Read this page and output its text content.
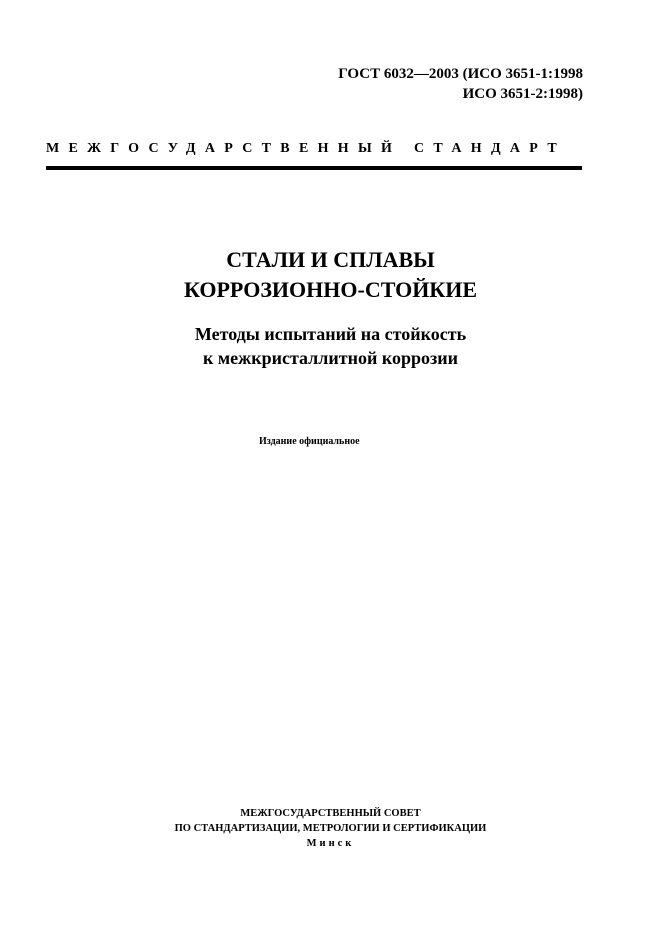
ГОСТ 6032—2003 (ИСО 3651-1:1998
ИСО 3651-2:1998)
МЕЖГОСУДАРСТВЕННЫЙ СТАНДАРТ
СТАЛИ И СПЛАВЫ
КОРРОЗИОННО-СТОЙКИЕ
Методы испытаний на стойкость
к межкристаллитной коррозии
Издание официальное
МЕЖГОСУДАРСТВЕННЫЙ СОВЕТ
ПО СТАНДАРТИЗАЦИИ, МЕТРОЛОГИИ И СЕРТИФИКАЦИИ
Минск
